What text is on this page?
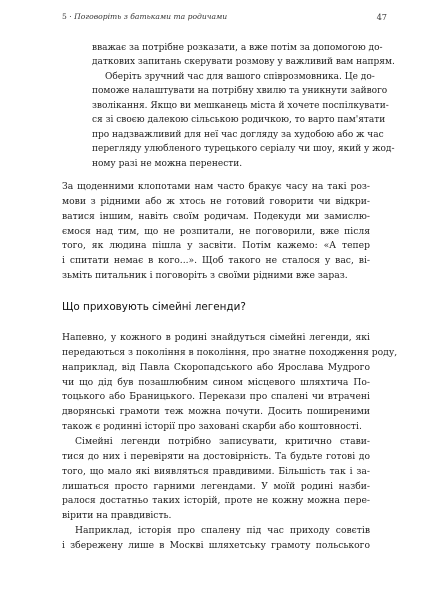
5 · Поговоріть з батьками та родичами	47
вважає за потрібне розказати, а вже потім за допомогою до-
даткових запитань скерувати розмову у важливий вам напрям.
Оберіть зручний час для вашого співрозмовника. Це до-
поможе налаштувати на потрібну хвилю та уникнути зайвого
зволікання. Якщо ви мешканець міста й хочете поспілкувати-
ся зі своєю далекою сільською родичкою, то варто пам'ятати
про надзважливий для неї час догляду за худобою або ж час
перегляду улюбленого турецького серіалу чи шоу, який у жод-
ному разі не можна перенести.
За щоденними клопотами нам часто бракує часу на такі роз-
мови з рідними або ж хтось не готовий говорити чи відкри-
ватися іншим, навіть своїм родичам. Подекуди ми замислю-
ємося над тим, що не розпитали, не поговорили, вже після
того, як людина пішла у засвіти. Потім кажемо: «А тепер
і спитати немає в кого...». Щоб такого не сталося у вас, ві-
зьміть питальник і поговоріть з своїми рідними вже зараз.
Що приховують сімейні легенди?
Напевно, у кожного в родині знайдуться сімейні легенди, які
передаються з покоління в покоління, про знатне походження роду,
наприклад, від Павла Скоропадського або Ярослава Мудрого
чи що дід був позашлюбним сином місцевого шляхтича По-
тоцького або Браницького. Перекази про спалені чи втрачені
дворянські грамоти теж можна почути. Досить поширеними
також є родинні історії про заховані скарби або коштовності.
Сімейні легенди потрібно записувати, критично стави-
тися до них і перевіряти на достовірність. Та будьте готові до
того, що мало які виявляться правдивими. Більшість так і за-
лишаться просто гарними легендами. У моїй родині назби-
ралося достатньо таких історій, проте не кожну можна пере-
вірити на правдивість.
Наприклад, історія про спалену під час приходу совєтів
і збережену лише в Москві шляхетську грамоту польського
